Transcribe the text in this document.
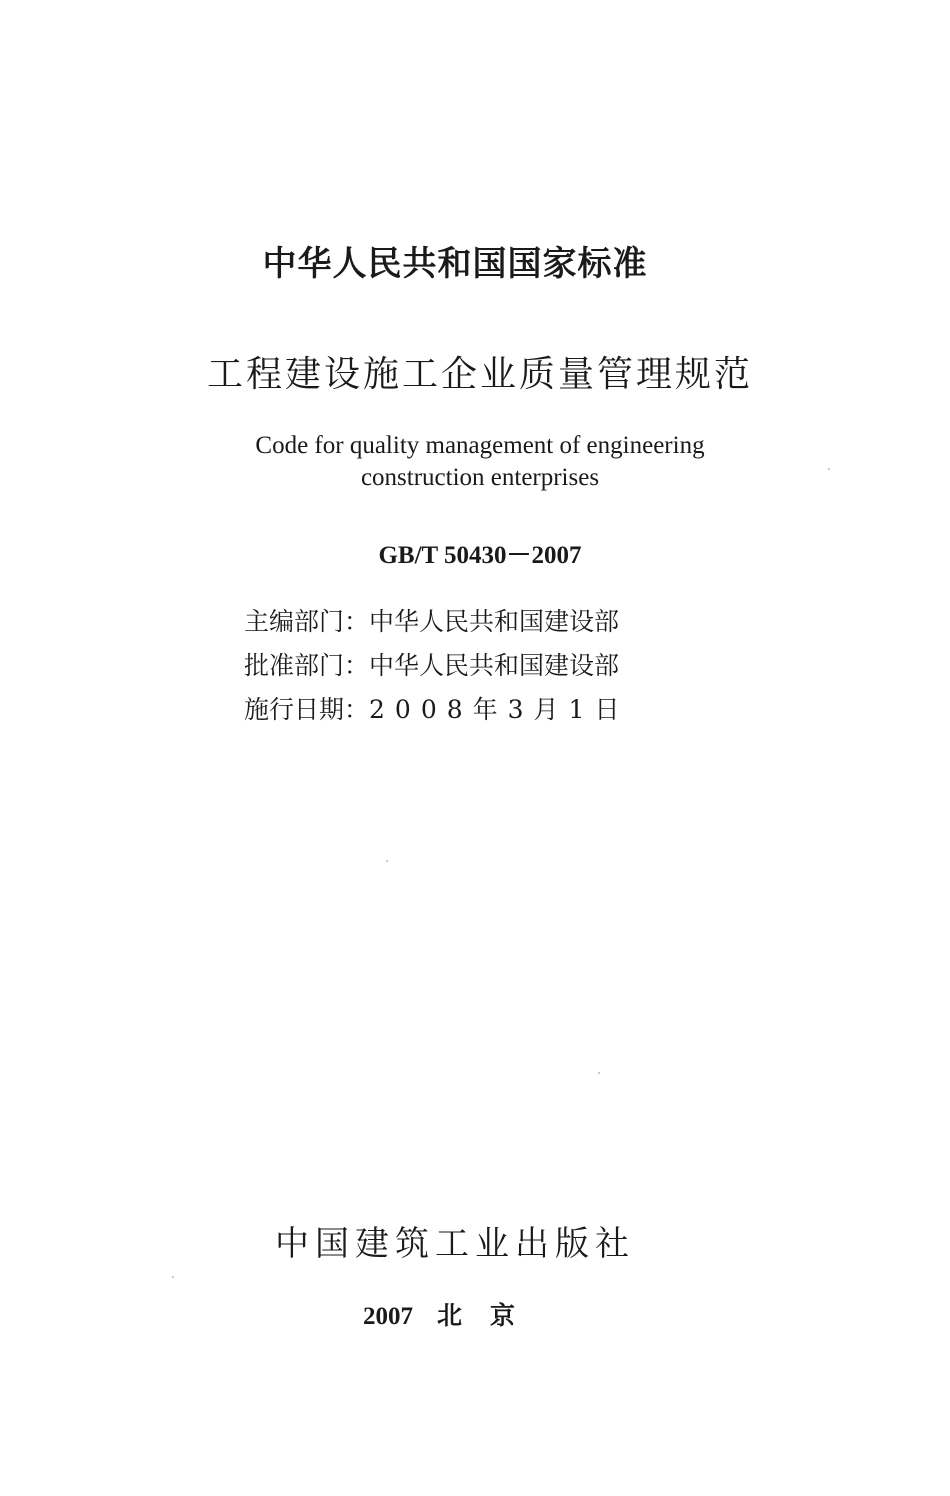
中华人民共和国国家标准
工程建设施工企业质量管理规范
Code for quality management of engineering
construction enterprises
GB/T 50430－2007
主编部门：中华人民共和国建设部
批准部门：中华人民共和国建设部
施行日期：2008年3月1日
中国建筑工业出版社
2007 北京
